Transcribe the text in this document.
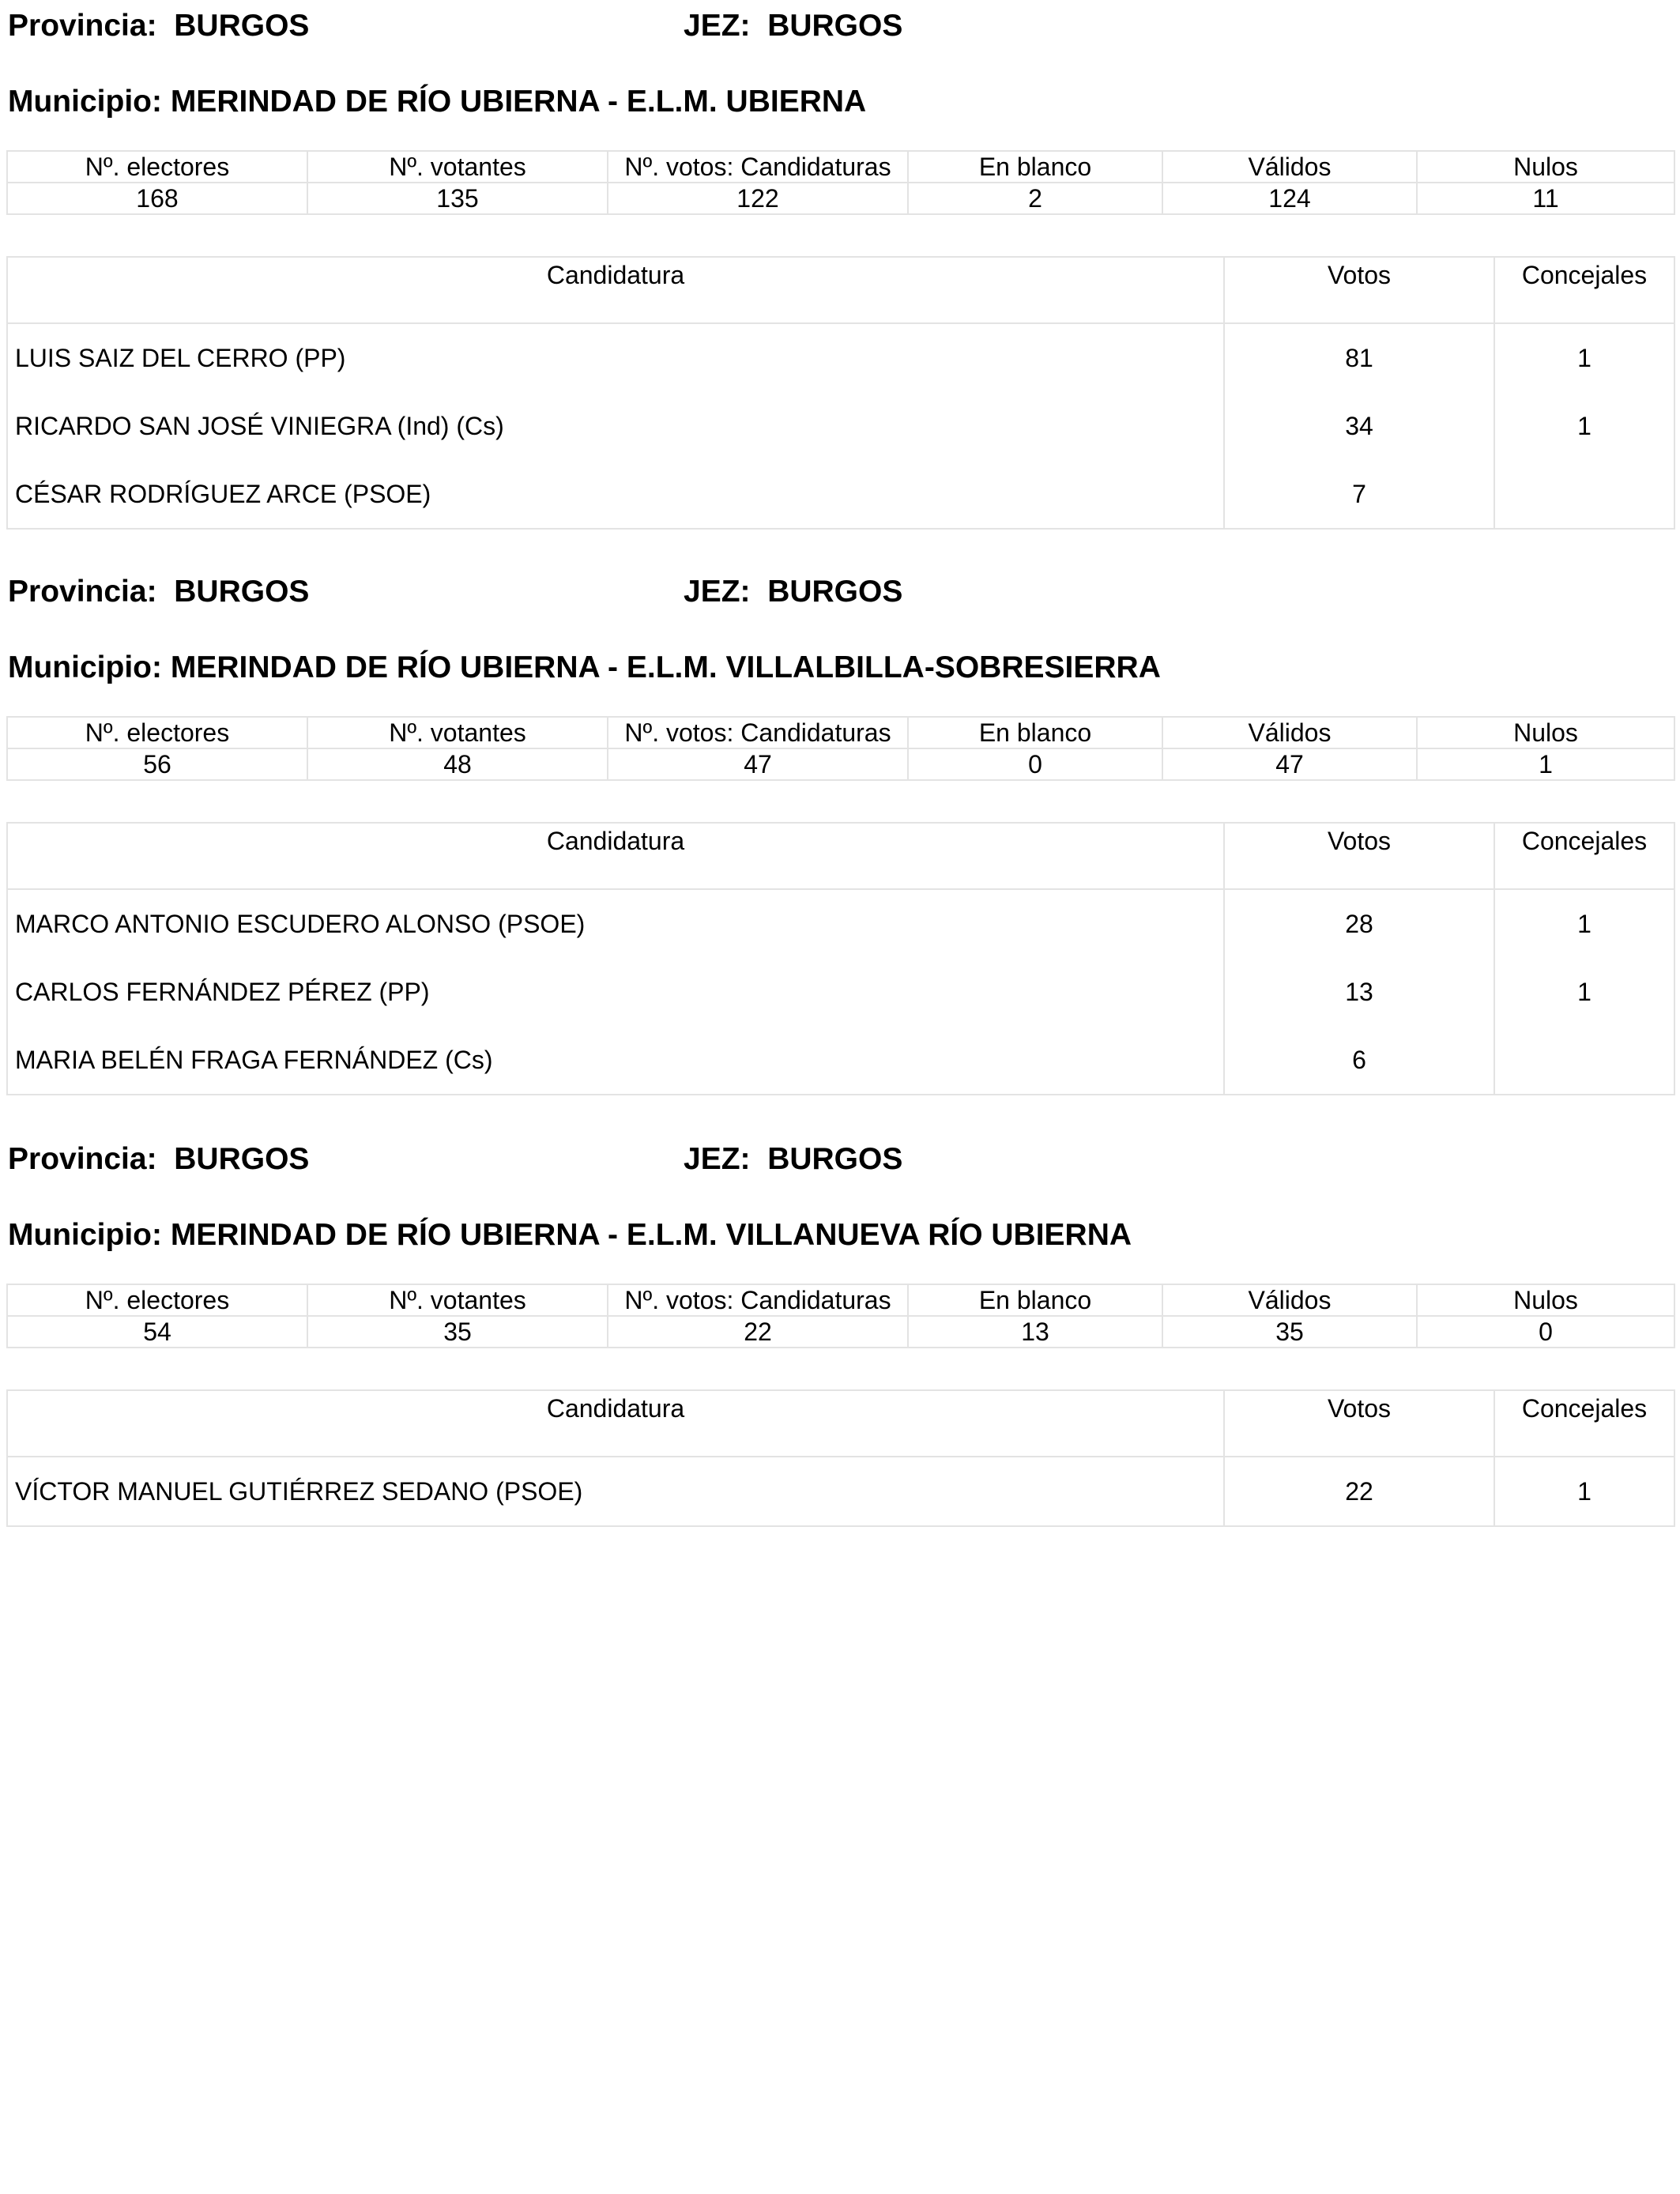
Provincia: BURGOS	JEZ: BURGOS
Municipio: MERINDAD DE RÍO UBIERNA - E.L.M. UBIERNA
Nº. electores	Nº. votantes	Nº. votos: Candidaturas	En blanco	Válidos	Nulos
168	135	122	2	124	11
Candidatura	Votos	Concejales
LUIS SAIZ DEL CERRO (PP)	81	1
RICARDO SAN JOSÉ VINIEGRA (Ind) (Cs)	34	1
CÉSAR RODRÍGUEZ ARCE (PSOE)	7	
Provincia: BURGOS	JEZ: BURGOS
Municipio: MERINDAD DE RÍO UBIERNA - E.L.M. VILLALBILLA-SOBRESIERRA
Nº. electores	Nº. votantes	Nº. votos: Candidaturas	En blanco	Válidos	Nulos
56	48	47	0	47	1
Candidatura	Votos	Concejales
MARCO ANTONIO ESCUDERO ALONSO (PSOE)	28	1
CARLOS FERNÁNDEZ PÉREZ (PP)	13	1
MARIA BELÉN FRAGA FERNÁNDEZ (Cs)	6	
Provincia: BURGOS	JEZ: BURGOS
Municipio: MERINDAD DE RÍO UBIERNA - E.L.M. VILLANUEVA RÍO UBIERNA
Nº. electores	Nº. votantes	Nº. votos: Candidaturas	En blanco	Válidos	Nulos
54	35	22	13	35	0
Candidatura	Votos	Concejales
VÍCTOR MANUEL GUTIÉRREZ SEDANO (PSOE)	22	1
